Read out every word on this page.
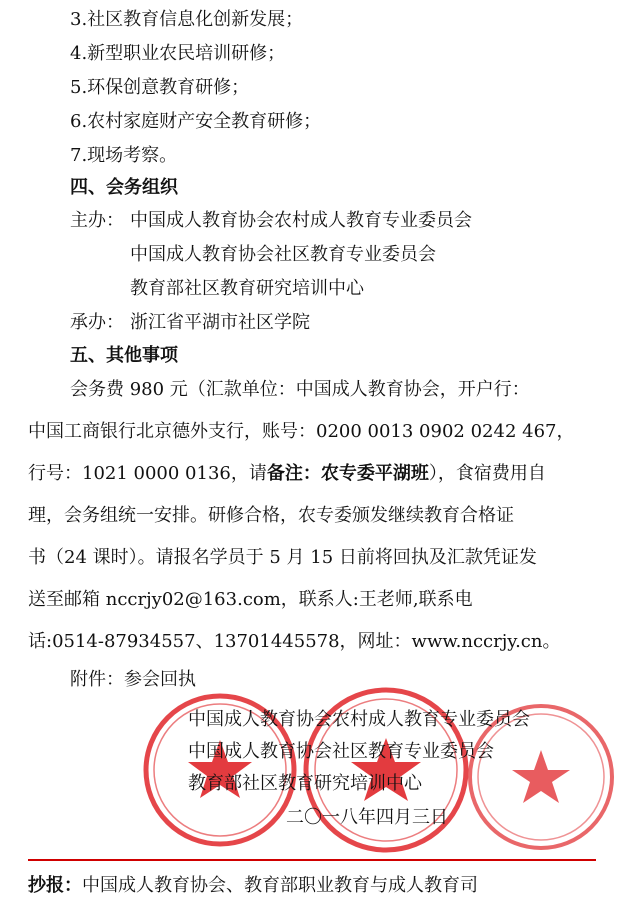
3.社区教育信息化创新发展；
4.新型职业农民培训研修；
5.环保创意教育研修；
6.农村家庭财产安全教育研修；
7.现场考察。
四、会务组织
主办： 中国成人教育协会农村成人教育专业委员会
中国成人教育协会社区教育专业委员会
教育部社区教育研究培训中心
承办： 浙江省平湖市社区学院
五、其他事项
会务费 980 元（汇款单位：中国成人教育协会，开户行：
中国工商银行北京德外支行，账号：0200 0013 0902 0242 467，
行号：1021 0000 0136，请备注：农专委平湖班），食宿费用自
理，会务组统一安排。研修合格，农专委颁发继续教育合格证
书（24 课时）。请报名学员于 5 月 15 日前将回执及汇款凭证发
送至邮箱 nccrjy02@163.com，联系人:王老师,联系电
话:0514-87934557、13701445578，网址：www.nccrjy.cn。
附件：参会回执
中国成人教育协会农村成人教育专业委员会
中国成人教育协会社区教育专业委员会
教育部社区教育研究培训中心
二〇一八年四月三日
抄报：中国成人教育协会、教育部职业教育与成人教育司
